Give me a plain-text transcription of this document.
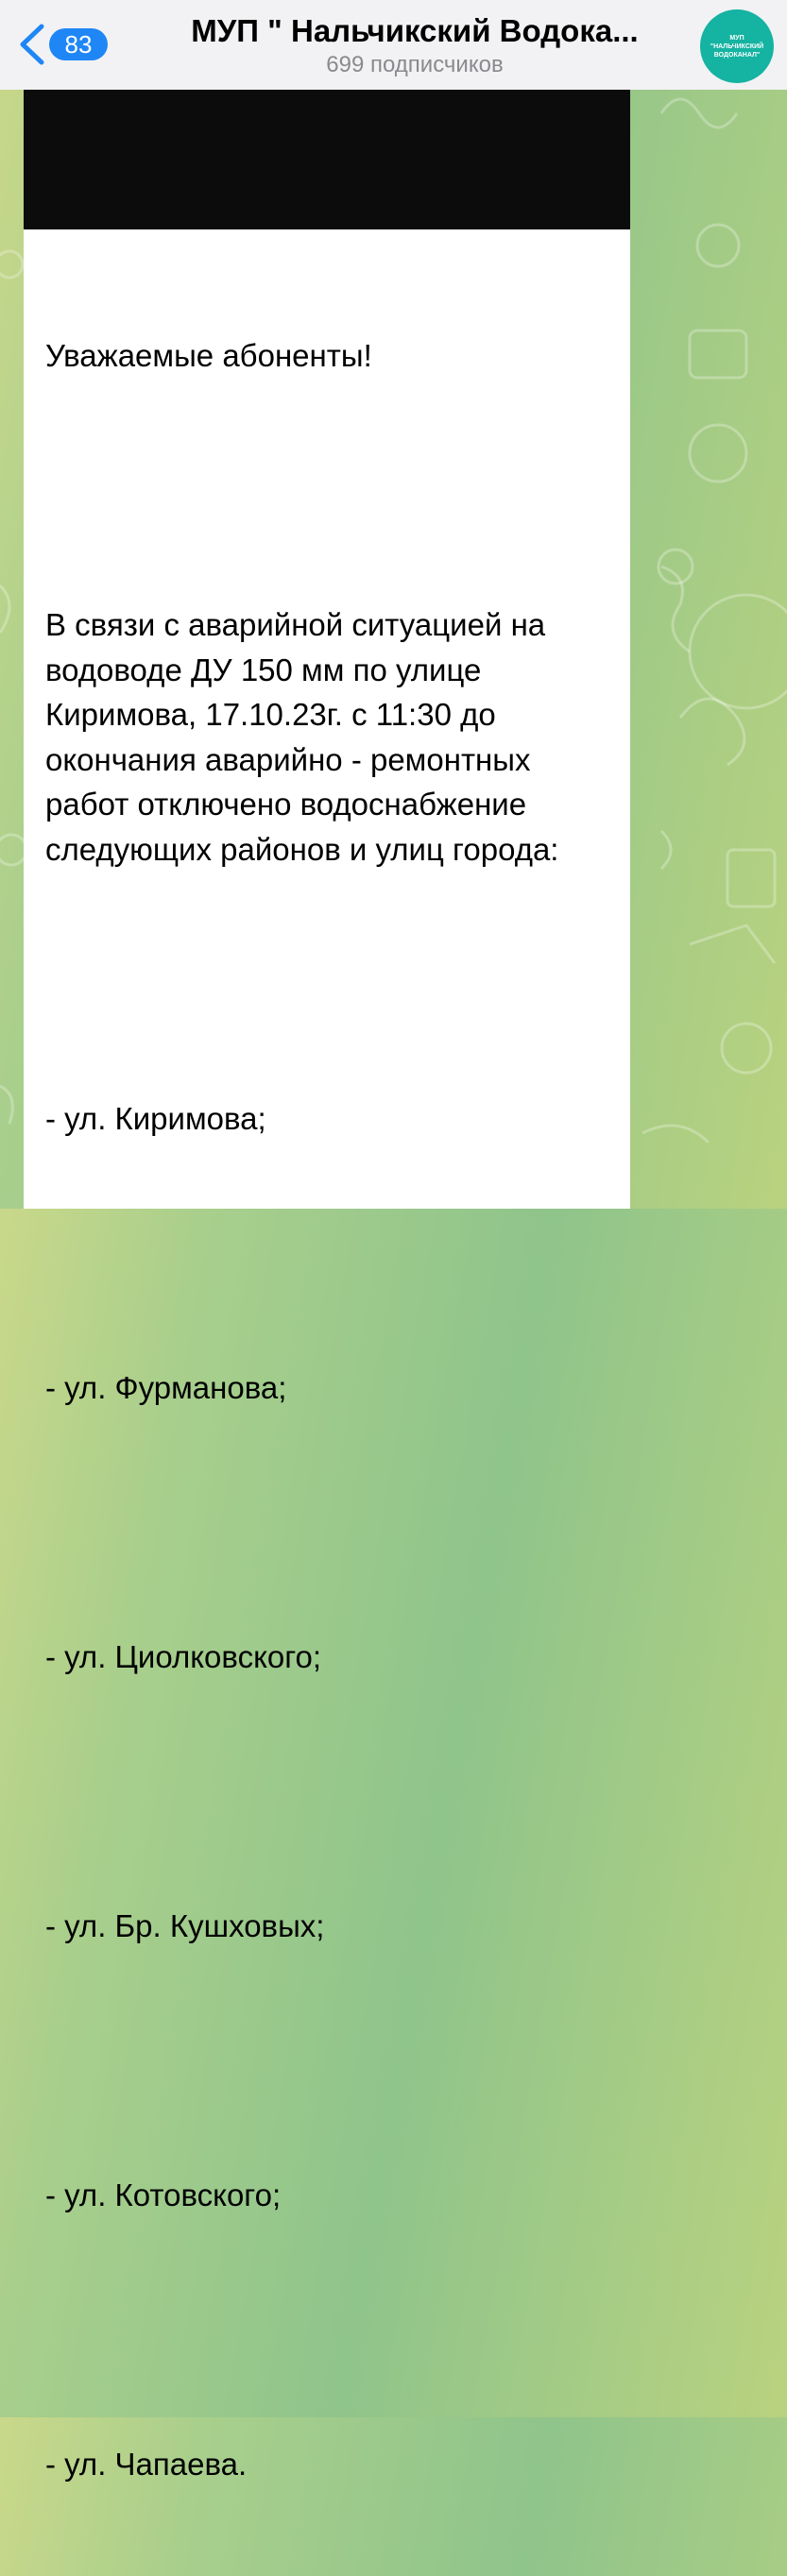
83	МУП " Нальчикский Водока...
699 подписчиков
МУП "НАЛЬЧИКСКИЙ ВОДОКАНАЛ"

Уважаемые абоненты!

В связи с аварийной ситуацией на водоводе ДУ 150 мм по улице Киримова, 17.10.23г. с 11:30 до окончания аварийно - ремонтных работ отключено водоснабжение следующих районов и улиц города:

- ул. Киримова;

- ул. Фурманова;

- ул. Циолковского;

- ул. Бр. Кушховых;

- ул. Котовского;

- ул. Чапаева.
